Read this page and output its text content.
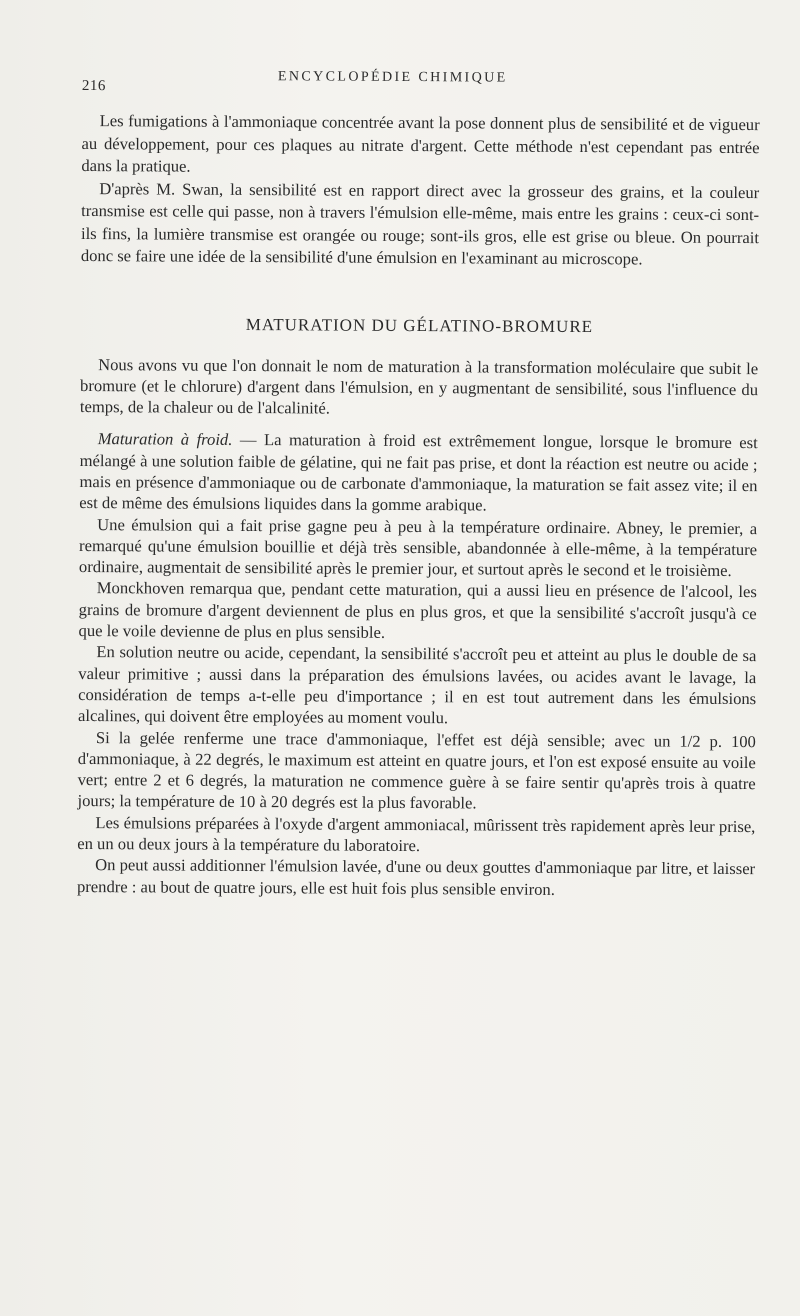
216
ENCYCLOPÉDIE CHIMIQUE

Les fumigations à l'ammoniaque concentrée avant la pose donnent plus de sensibilité et de vigueur au développement, pour ces plaques au nitrate d'argent. Cette méthode n'est cependant pas entrée dans la pratique.

D'après M. Swan, la sensibilité est en rapport direct avec la grosseur des grains, et la couleur transmise est celle qui passe, non à travers l'émulsion elle-même, mais entre les grains : ceux-ci sont-ils fins, la lumière transmise est orangée ou rouge; sont-ils gros, elle est grise ou bleue. On pourrait donc se faire une idée de la sensibilité d'une émulsion en l'examinant au microscope.

MATURATION DU GÉLATINO-BROMURE

Nous avons vu que l'on donnait le nom de maturation à la transformation moléculaire que subit le bromure (et le chlorure) d'argent dans l'émulsion, en y augmentant de sensibilité, sous l'influence du temps, de la chaleur ou de l'alcalinité.

Maturation à froid. — La maturation à froid est extrêmement longue, lorsque le bromure est mélangé à une solution faible de gélatine, qui ne fait pas prise, et dont la réaction est neutre ou acide ; mais en présence d'ammoniaque ou de carbonate d'ammoniaque, la maturation se fait assez vite; il en est de même des émulsions liquides dans la gomme arabique.

Une émulsion qui a fait prise gagne peu à peu à la température ordinaire. Abney, le premier, a remarqué qu'une émulsion bouillie et déjà très sensible, abandonnée à elle-même, à la température ordinaire, augmentait de sensibilité après le premier jour, et surtout après le second et le troisième.

Monckhoven remarqua que, pendant cette maturation, qui a aussi lieu en présence de l'alcool, les grains de bromure d'argent deviennent de plus en plus gros, et que la sensibilité s'accroît jusqu'à ce que le voile devienne de plus en plus sensible.

En solution neutre ou acide, cependant, la sensibilité s'accroît peu et atteint au plus le double de sa valeur primitive ; aussi dans la préparation des émulsions lavées, ou acides avant le lavage, la considération de temps a-t-elle peu d'importance ; il en est tout autrement dans les émulsions alcalines, qui doivent être employées au moment voulu.

Si la gelée renferme une trace d'ammoniaque, l'effet est déjà sensible; avec un 1/2 p. 100 d'ammoniaque, à 22 degrés, le maximum est atteint en quatre jours, et l'on est exposé ensuite au voile vert; entre 2 et 6 degrés, la maturation ne commence guère à se faire sentir qu'après trois à quatre jours; la température de 10 à 20 degrés est la plus favorable.

Les émulsions préparées à l'oxyde d'argent ammoniacal, mûrissent très rapidement après leur prise, en un ou deux jours à la température du laboratoire.

On peut aussi additionner l'émulsion lavée, d'une ou deux gouttes d'ammoniaque par litre, et laisser prendre : au bout de quatre jours, elle est huit fois plus sensible environ.
